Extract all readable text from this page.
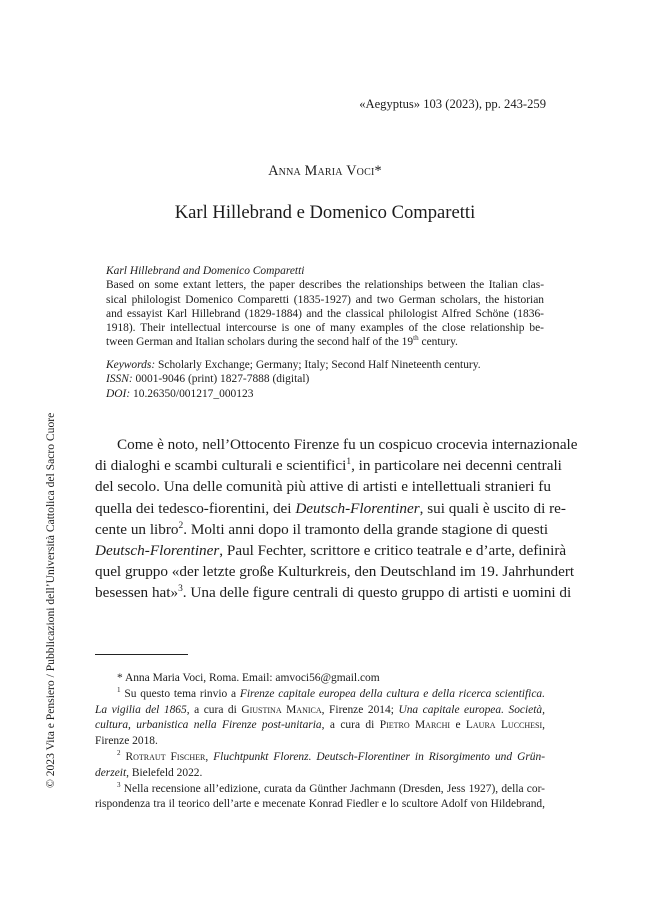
«Aegyptus» 103 (2023), pp. 243-259
Anna Maria Voci*
Karl Hillebrand e Domenico Comparetti
Karl Hillebrand and Domenico Comparetti
Based on some extant letters, the paper describes the relationships between the Italian clas-
sical philologist Domenico Comparetti (1835-1927) and two German scholars, the historian
and essayist Karl Hillebrand (1829-1884) and the classical philologist Alfred Schöne (1836-
1918). Their intellectual intercourse is one of many examples of the close relationship be-
tween German and Italian scholars during the second half of the 19th century.
Keywords: Scholarly Exchange; Germany; Italy; Second Half Nineteenth century.
ISSN: 0001-9046 (print) 1827-7888 (digital)
DOI: 10.26350/001217_000123
Come è noto, nell’Ottocento Firenze fu un cospicuo crocevia internazionale
di dialoghi e scambi culturali e scientifici$^1$, in particolare nei decenni centrali
del secolo. Una delle comunità più attive di artisti e intellettuali stranieri fu
quella dei tedesco-fiorentini, dei Deutsch-Florentiner, sui quali è uscito di re-
cente un libro$^2$. Molti anni dopo il tramonto della grande stagione di questi
Deutsch-Florentiner, Paul Fechter, scrittore e critico teatrale e d’arte, definirà
quel gruppo «der letzte große Kulturkreis, den Deutschland im 19. Jahrhundert
besessen hat»$^3$. Una delle figure centrali di questo gruppo di artisti e uomini di
* Anna Maria Voci, Roma. Email: amvoci56@gmail.com
$^1$ Su questo tema rinvio a Firenze capitale europea della cultura e della ricerca scientifica.
La vigilia del 1865, a cura di Giustina Manica, Firenze 2014; Una capitale europea. Società,
cultura, urbanistica nella Firenze post-unitaria, a cura di Pietro Marchi e Laura Lucchesi,
Firenze 2018.
$^2$ Rotraut Fischer, Fluchtpunkt Florenz. Deutsch-Florentiner in Risorgimento und Grün-
derzeit, Bielefeld 2022.
$^3$ Nella recensione all’edizione, curata da Günther Jachmann (Dresden, Jess 1927), della cor-
rispondenza tra il teorico dell’arte e mecenate Konrad Fiedler e lo scultore Adolf von Hildebrand,
© 2023 Vita e Pensiero / Pubblicazioni dell’Università Cattolica del Sacro Cuore
